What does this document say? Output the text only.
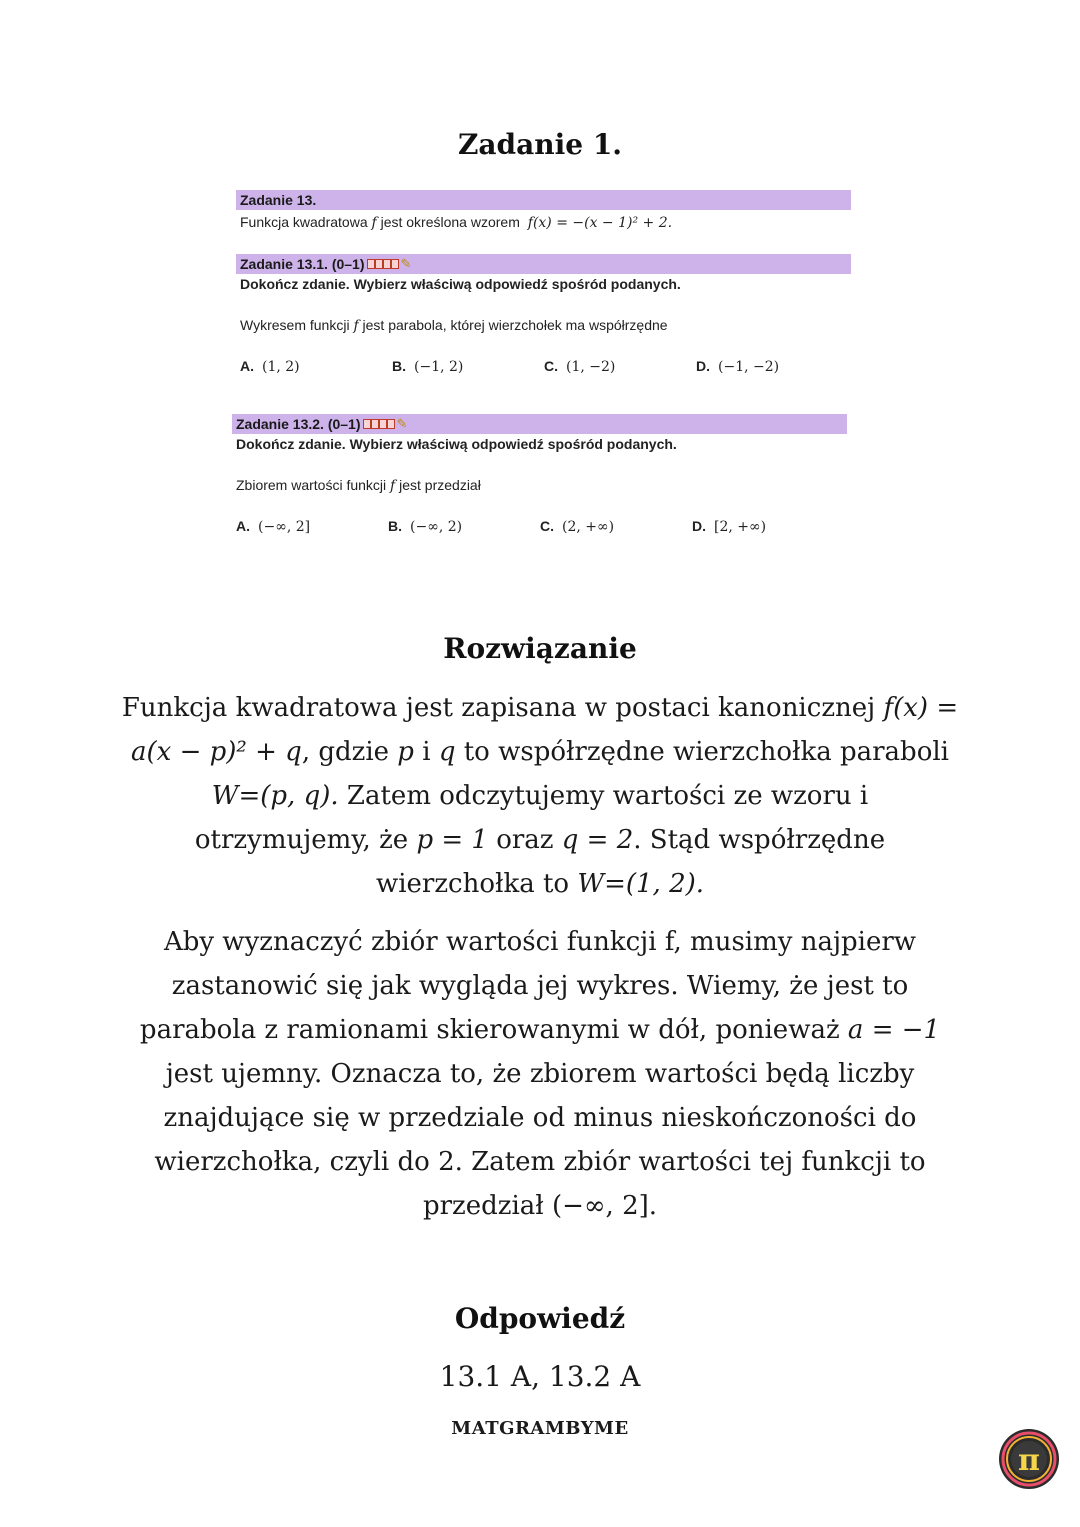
Zadanie 1.
Zadanie 13.
Funkcja kwadratowa f jest określona wzorem f(x) = −(x − 1)² + 2.
Zadanie 13.1. (0–1)	✎
Dokończ zdanie. Wybierz właściwą odpowiedź spośród podanych.
Wykresem funkcji f jest parabola, której wierzchołek ma współrzędne
A. (1, 2)	B. (−1, 2)	C. (1, −2)	D. (−1, −2)
Zadanie 13.2. (0–1)	✎
Dokończ zdanie. Wybierz właściwą odpowiedź spośród podanych.
Zbiorem wartości funkcji f jest przedział
A. (−∞, 2]	B. (−∞, 2)	C. (2, +∞)	D. [2, +∞)
Rozwiązanie

Funkcja kwadratowa jest zapisana w postaci kanonicznej f(x) = a(x − p)² + q, gdzie p i q to współrzędne wierzchołka paraboli W=(p, q). Zatem odczytujemy wartości ze wzoru i otrzymujemy, że p = 1 oraz q = 2. Stąd współrzędne wierzchołka to W=(1, 2).

Aby wyznaczyć zbiór wartości funkcji f, musimy najpierw zastanowić się jak wygląda jej wykres. Wiemy, że jest to parabola z ramionami skierowanymi w dół, ponieważ a = −1 jest ujemny. Oznacza to, że zbiorem wartości będą liczby znajdujące się w przedziale od minus nieskończoności do wierzchołka, czyli do 2. Zatem zbiór wartości tej funkcji to przedział (−∞, 2].

Odpowiedź
13.1 A, 13.2 A
MATGRAMBYME
π
